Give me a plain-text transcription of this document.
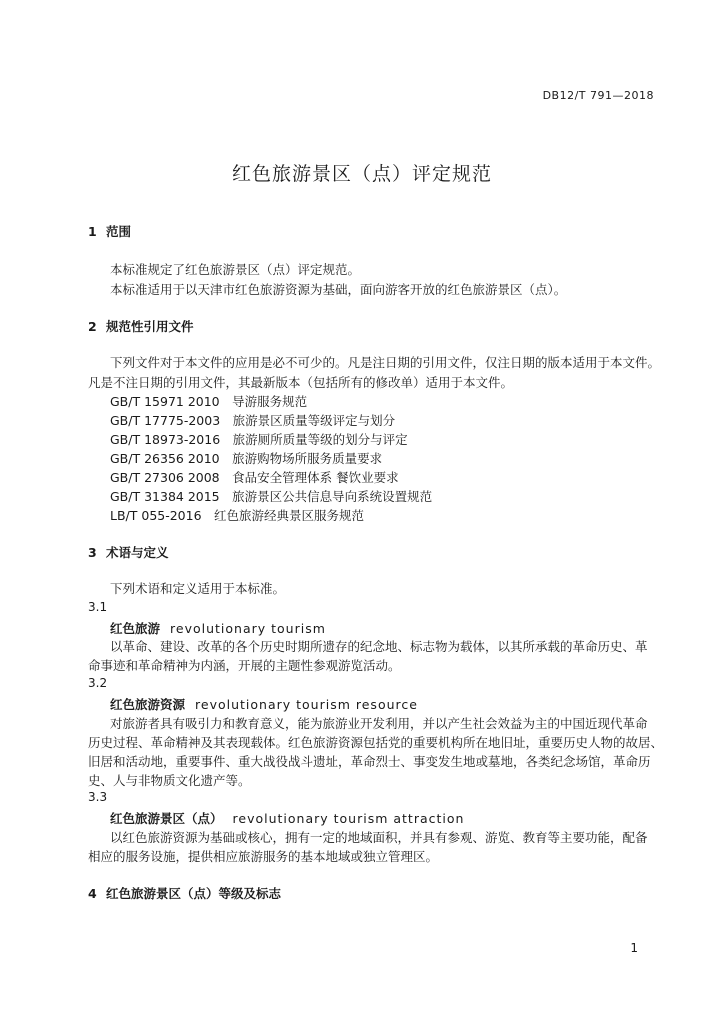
DB12/T 791—2018
红色旅游景区（点）评定规范
1 范围
本标准规定了红色旅游景区（点）评定规范。
本标准适用于以天津市红色旅游资源为基础，面向游客开放的红色旅游景区（点）。
2 规范性引用文件
下列文件对于本文件的应用是必不可少的。凡是注日期的引用文件，仅注日期的版本适用于本文件。
凡是不注日期的引用文件，其最新版本（包括所有的修改单）适用于本文件。
GB/T 15971 2010　导游服务规范
GB/T 17775-2003　旅游景区质量等级评定与划分
GB/T 18973-2016　旅游厕所质量等级的划分与评定
GB/T 26356 2010　旅游购物场所服务质量要求
GB/T 27306 2008　食品安全管理体系 餐饮业要求
GB/T 31384 2015　旅游景区公共信息导向系统设置规范
LB/T 055-2016　红色旅游经典景区服务规范
3 术语与定义
下列术语和定义适用于本标准。
3.1
红色旅游 revolutionary tourism
以革命、建设、改革的各个历史时期所遗存的纪念地、标志物为载体，以其所承载的革命历史、革
命事迹和革命精神为内涵，开展的主题性参观游览活动。
3.2
红色旅游资源 revolutionary tourism resource
对旅游者具有吸引力和教育意义，能为旅游业开发利用，并以产生社会效益为主的中国近现代革命
历史过程、革命精神及其表现载体。红色旅游资源包括党的重要机构所在地旧址，重要历史人物的故居、
旧居和活动地，重要事件、重大战役战斗遗址，革命烈士、事变发生地或墓地，各类纪念场馆，革命历
史、人与非物质文化遗产等。
3.3
红色旅游景区（点） revolutionary tourism attraction
以红色旅游资源为基础或核心，拥有一定的地域面积，并具有参观、游览、教育等主要功能，配备
相应的服务设施，提供相应旅游服务的基本地域或独立管理区。
4 红色旅游景区（点）等级及标志
1
